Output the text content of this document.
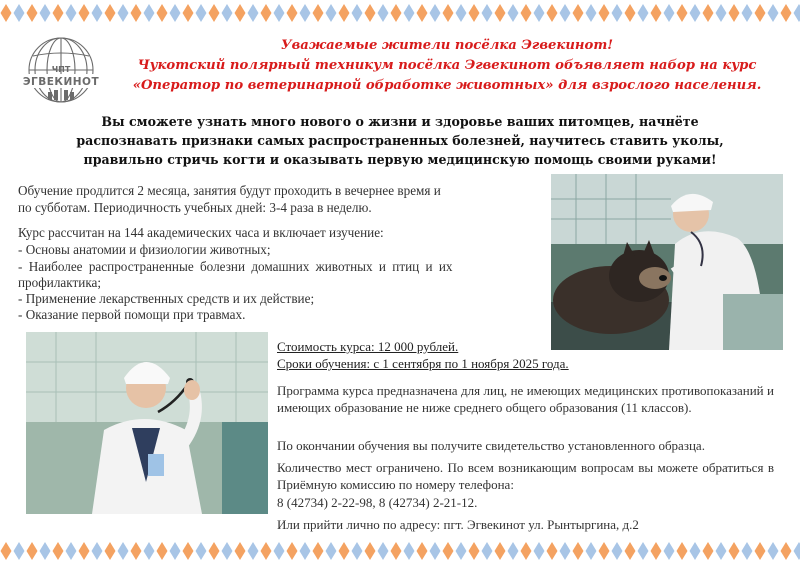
ЧПТ
ЭГВЕКИНОТ
Уважаемые жители посёлка Эгвекинот!
Чукотский полярный техникум посёлка Эгвекинот объявляет набор на курс
«Оператор по ветеринарной обработке животных» для взрослого населения.
Вы сможете узнать много нового о жизни и здоровье ваших питомцев, начнёте
распознавать признаки самых распространенных болезней, научитесь ставить уколы,
правильно стричь когти и оказывать первую медицинскую помощь своими руками!
Обучение продлится 2 месяца, занятия будут проходить в вечернее время и
по субботам. Периодичность учебных дней: 3-4 раза в неделю.
Курс рассчитан на 144 академических часа и включает изучение:
- Основы анатомии и физиологии животных;
- Наиболее распространенные болезни домашних животных и птиц и их
профилактика;
- Применение лекарственных средств и их действие;
- Оказание первой помощи при травмах.
Стоимость курса: 12 000 рублей.
Сроки обучения: с 1 сентября по 1 ноября 2025 года.
Программа курса предназначена для лиц, не имеющих медицинских противопоказаний и имеющих образование не ниже среднего общего образования (11 классов).
По окончании обучения вы получите свидетельство установленного образца.
Количество мест ограничено. По всем возникающим вопросам вы можете обратиться в Приёмную комиссию по номеру телефона:
8 (42734) 2-22-98, 8 (42734) 2-21-12.
Или прийти лично по адресу: пгт. Эгвекинот ул. Рынтыргина, д.2
